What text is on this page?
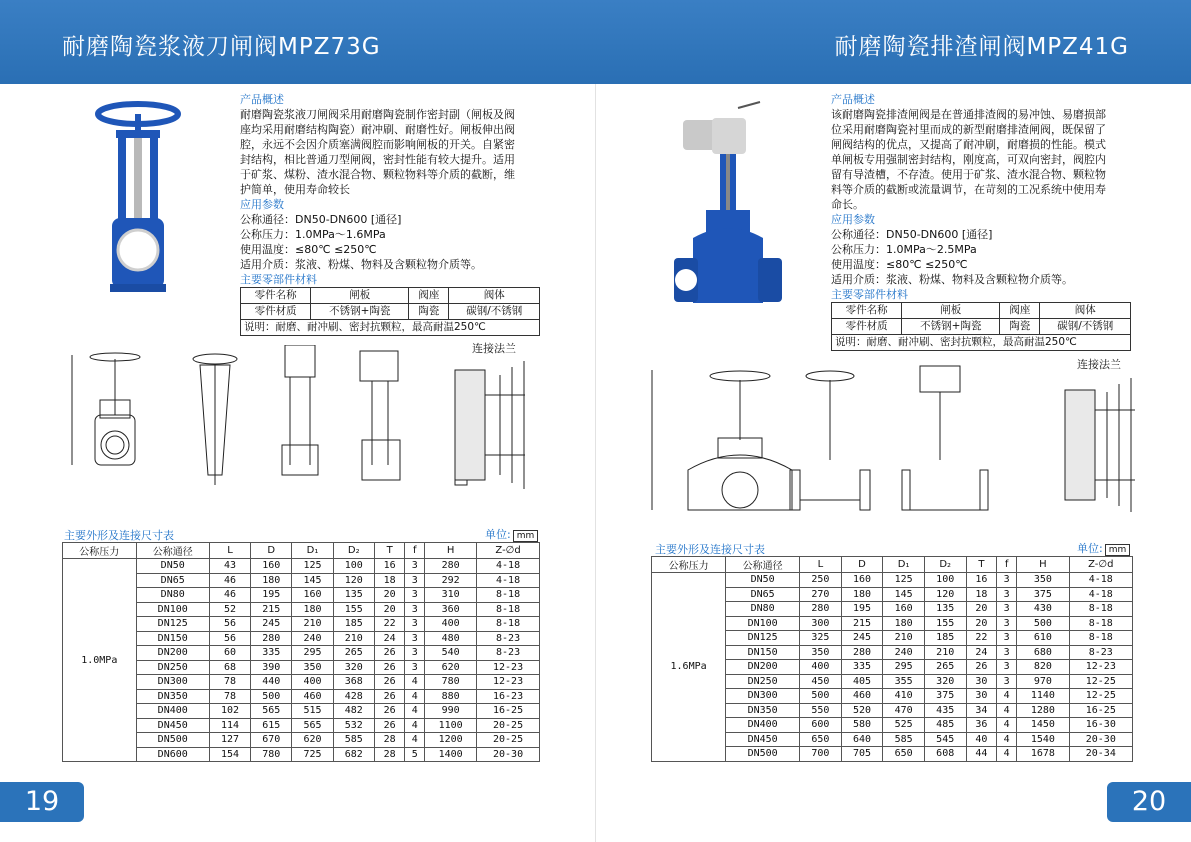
耐磨陶瓷浆液刀闸阀MPZ73G	耐磨陶瓷排渣闸阀MPZ41G

产品概述

耐磨陶瓷浆液刀闸阀采用耐磨陶瓷制作密封副（闸板及阀

座均采用耐磨结构陶瓷）耐冲刷、耐磨性好。闸板伸出阀

腔，永远不会因介质塞满阀腔而影响闸板的开关。自紧密

封结构，相比普通刀型闸阀，密封性能有较大提升。适用

于矿浆、煤粉、渣水混合物、颗粒物料等介质的截断，维

护简单，使用寿命较长

应用参数

公称通径：DN50-DN600 [通径]

公称压力：1.0MPa～1.6MPa

使用温度：≤80℃ ≤250℃

适用介质：浆液、粉煤、物料及含颗粒物介质等。

主要零部件材料

零件名称	闸板	阀座	阀体
零件材质	不锈钢+陶瓷	陶瓷	碳钢/不锈钢
说明：耐磨、耐冲刷、密封抗颗粒，最高耐温250℃			
连接法兰
主要外形及连接尺寸表	单位: mm
公称压力	公称通径	L	D	D₁	D₂	T	f	H	Z-∅d
1.0MPa	DN50	43	160	125	100	16	3	280	4-18
	DN65	46	180	145	120	18	3	292	4-18
	DN80	46	195	160	135	20	3	310	8-18
	DN100	52	215	180	155	20	3	360	8-18
	DN125	56	245	210	185	22	3	400	8-18
	DN150	56	280	240	210	24	3	480	8-23
	DN200	60	335	295	265	26	3	540	8-23
	DN250	68	390	350	320	26	3	620	12-23
	DN300	78	440	400	368	26	4	780	12-23
	DN350	78	500	460	428	26	4	880	16-23
	DN400	102	565	515	482	26	4	990	16-25
	DN450	114	615	565	532	26	4	1100	20-25
	DN500	127	670	620	585	28	4	1200	20-25
	DN600	154	780	725	682	28	5	1400	20-30

产品概述

该耐磨陶瓷排渣闸阀是在普通排渣阀的易冲蚀、易磨损部

位采用耐磨陶瓷衬里而成的新型耐磨排渣闸阀，既保留了

闸阀结构的优点，又提高了耐冲刷，耐磨损的性能。模式

单闸板专用强制密封结构，刚度高，可双向密封，阀腔内

留有导渣槽，不存渣。使用于矿浆、渣水混合物、颗粒物

料等介质的截断或流量调节，在苛刻的工况系统中使用寿

命长。

应用参数

公称通径：DN50-DN600 [通径]

公称压力：1.0MPa～2.5MPa

使用温度：≤80℃ ≤250℃

适用介质：浆液、粉煤、物料及含颗粒物介质等。

主要零部件材料

零件名称	闸板	阀座	阀体
零件材质	不锈钢+陶瓷	陶瓷	碳钢/不锈钢
说明：耐磨、耐冲刷、密封抗颗粒，最高耐温250℃			
连接法兰
主要外形及连接尺寸表	单位: mm
公称压力	公称通径	L	D	D₁	D₂	T	f	H	Z-∅d
1.6MPa	DN50	250	160	125	100	16	3	350	4-18
	DN65	270	180	145	120	18	3	375	4-18
	DN80	280	195	160	135	20	3	430	8-18
	DN100	300	215	180	155	20	3	500	8-18
	DN125	325	245	210	185	22	3	610	8-18
	DN150	350	280	240	210	24	3	680	8-23
	DN200	400	335	295	265	26	3	820	12-23
	DN250	450	405	355	320	30	3	970	12-25
	DN300	500	460	410	375	30	4	1140	12-25
	DN350	550	520	470	435	34	4	1280	16-25
	DN400	600	580	525	485	36	4	1450	16-30
	DN450	650	640	585	545	40	4	1540	20-30
	DN500	700	705	650	608	44	4	1678	20-34
19	20
